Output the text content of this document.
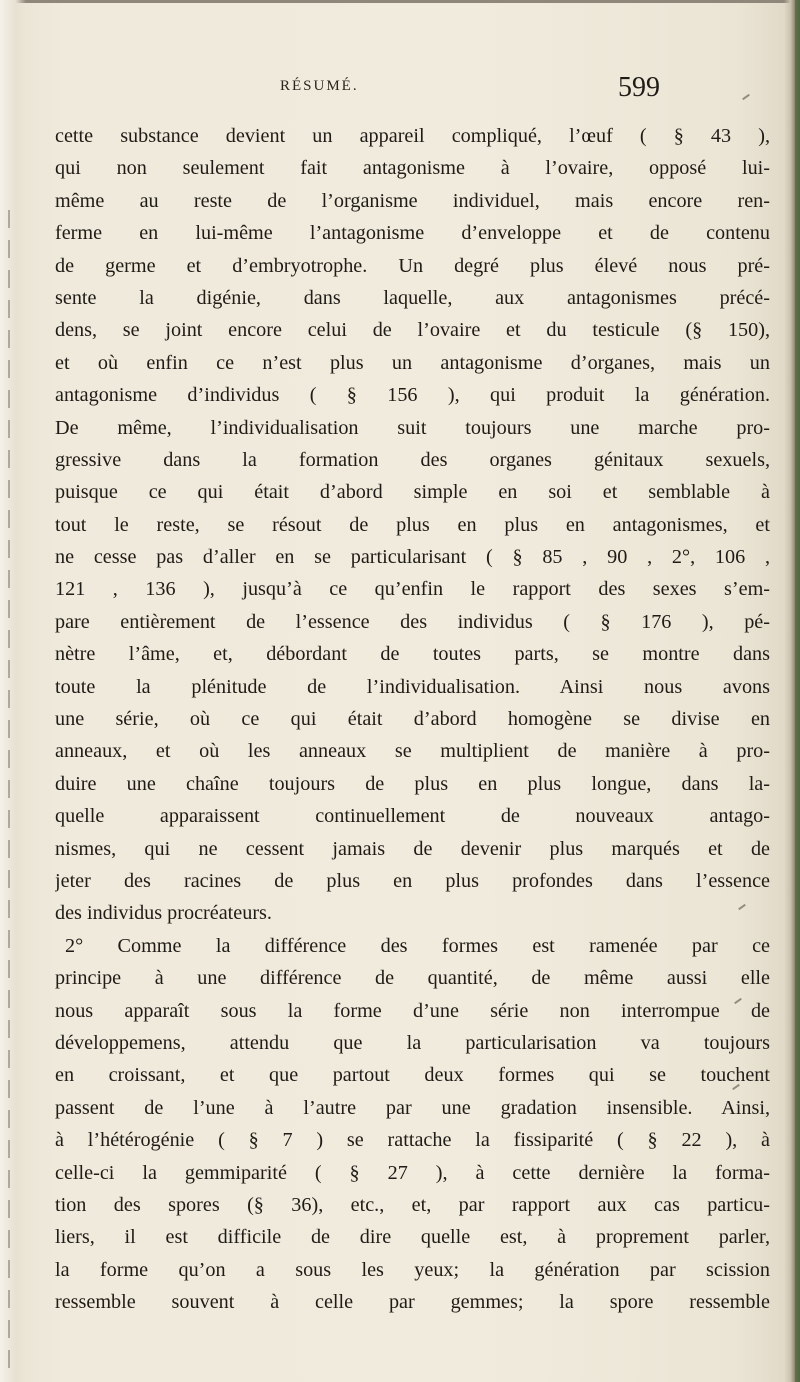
RÉSUMÉ.	599
cette substance devient un appareil compliqué, l’œuf ( § 43 ),
qui non seulement fait antagonisme à l’ovaire, opposé lui-
même au reste de l’organisme individuel, mais encore ren-
ferme en lui-même l’antagonisme d’enveloppe et de contenu
de germe et d’embryotrophe. Un degré plus élevé nous pré-
sente la digénie, dans laquelle, aux antagonismes précé-
dens, se joint encore celui de l’ovaire et du testicule (§ 150),
et où enfin ce n’est plus un antagonisme d’organes, mais un
antagonisme d’individus ( § 156 ), qui produit la génération.
De même, l’individualisation suit toujours une marche pro-
gressive dans la formation des organes génitaux sexuels,
puisque ce qui était d’abord simple en soi et semblable à
tout le reste, se résout de plus en plus en antagonismes, et
ne cesse pas d’aller en se particularisant ( § 85 , 90 , 2°, 106 ,
121 , 136 ), jusqu’à ce qu’enfin le rapport des sexes s’em-
pare entièrement de l’essence des individus ( § 176 ), pé-
nètre l’âme, et, débordant de toutes parts, se montre dans
toute la plénitude de l’individualisation. Ainsi nous avons
une série, où ce qui était d’abord homogène se divise en
anneaux, et où les anneaux se multiplient de manière à pro-
duire une chaîne toujours de plus en plus longue, dans la-
quelle apparaissent continuellement de nouveaux antago-
nismes, qui ne cessent jamais de devenir plus marqués et de
jeter des racines de plus en plus profondes dans l’essence
des individus procréateurs.
2° Comme la différence des formes est ramenée par ce
principe à une différence de quantité, de même aussi elle
nous apparaît sous la forme d’une série non interrompue de
développemens, attendu que la particularisation va toujours
en croissant, et que partout deux formes qui se touchent
passent de l’une à l’autre par une gradation insensible. Ainsi,
à l’hétérogénie ( § 7 ) se rattache la fissiparité ( § 22 ), à
celle-ci la gemmiparité ( § 27 ), à cette dernière la forma-
tion des spores (§ 36), etc., et, par rapport aux cas particu-
liers, il est difficile de dire quelle est, à proprement parler,
la forme qu’on a sous les yeux; la génération par scission
ressemble souvent à celle par gemmes; la spore ressemble
